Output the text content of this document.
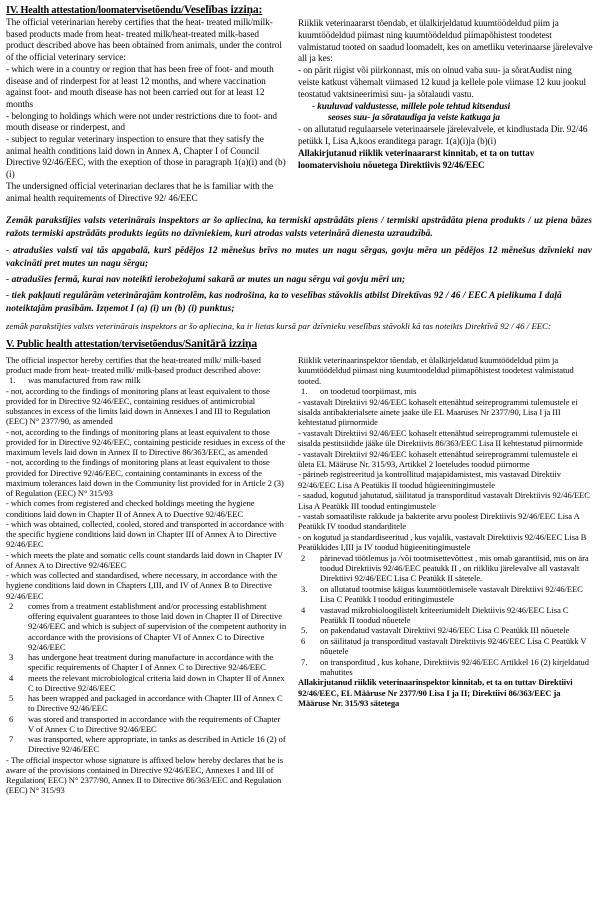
IV. Health attestation/loomatervisetõendu/Veselības izziņa:

The official veterinarian hereby certifies that the heat- treated milk/milk-based products made from heat- treated milk/heat-treated milk-based product described above has been obtained from animals, under the control of the official veterinary service:

- which were in a country or region that has been free of foot- and mouth disease and of rinderpest for at least 12 months, and where vaccination against foot- and mouth disease has not been carried out for at least 12 months

- belonging to holdings which were not under restrictions due to foot- and mouth disease or rinderpest, and

- subject to regular veterinary inspection to ensure that they satisfy the animal health conditions laid down in Annex A, Chapter I of Council Directive 92/46/EEC, with the exeption of those in paragraph 1(a)(i) and (b) (i)

The undersigned official veterinarian declares that he is familiar with the animal health requirements of Directive 92/ 46/EEC

Riiklik veterinaararst tõendab, et ülalkirjeldatud kuumtöödeldud piim ja kuumtöödeldud piimast ning kuumtöödeldud piimapõhistest toodetest valmistatud tooted on saadud loomadelt, kes on ametliku veterinaarse järelevalve all ja kes:

- on pärit riigist või piirkonnast, mis on olnud vaba suu- ja sõratAudist ning veiste katkust vähemalt viimased 12 kuud ja kellele pole viimase 12 kuu jookul teostatud vaktsineerimisi suu- ja sõtalaudi vastu.

- kuuluvad valdustesse, millele pole tehtud kitsendusi

seoses suu- ja sõrataudiga ja veiste katkuga ja

- on allutatud regulaarsele veterinaarsele järelevalvele, et kindlustada Dir. 92/46 petükk I, Lisa A,koos eranditega paragr. 1(a)(i)ja (b)(i)

Allakirjutanud riiklik veterinaararst kinnitab, et ta on tuttav loomatervishoiu nõuetega Direktiivis 92/46/EEC

Zemāk parakstījies valsts veterinārais inspektors ar šo apliecina, ka termiski apstrādāts piens / termiski apstrādāta piena produkts / uz piena bāzes ražots termiski apstrādāts produkts iegūts no dzīvniekiem, kuri atrodas valsts veterinārā dienesta uzraudzībā.

- atradušies valstī vai tās apgabalā, kurš pēdējos 12 mēnešus brīvs no mutes un nagu sērgas, govju mēra un pēdējos 12 mēnešus dzīvnieki nav vakcināti pret mutes un nagu sērgu;

- atradušies fermā, kurai nav noteikti ierobežojumi sakarā ar mutes un nagu sērgu vai govju mēri un;

- tiek pakļauti regulārām veterinārajām kontrolēm, kas nodrošina, ka to veselības stāvoklis atbilst Direktīvas 92 / 46 / EEC A pielikuma I daļā noteiktajām prasībām. Izņemot I (a) (i) un (b) (i) punktus;

zemāk parakstījies valsts veterinārais inspektors ar šo apliecina, ka ir lietas kursā par dzīvnieku veselības stāvokli kā tas noteikts Direktīvā 92 / 46 / EEC:

V. Public health attestation/tervisetõendus/Sanitārā izziņa

The official inspector hereby certifies that the heat-treated milk/ milk-based product made from heat- treated milk/ milk-based product described above:

1.	was manufactured from raw milk

- not, according to the findings of monitoring plans at least equivalent to those provided for in Directive 92/46/EEC, containing residues of antimicrobial substances in excess of the limits laid down in Annexes I and III to Regulation (EEC) N° 2377/90, as amended

- not, according to the findings of monitoring plans at least equivalent to those provided for in Directive 92/46/EEC, containing pesticide residues in excess of the maximum levels laid down in Annex II to Directive 86/363/EEC, as amended

- not, according to the findings of monitoring plans at least equivalent to those provided for Directive 92/46/EEC, containing contaminants in excess of the maximum tolerances laid down in the Community list provided for in Article 2 (3) of Regulation (EEC) N° 315/93

- which comes from registered and checked holdings meeting the hygiene conditions laid down in Chapter II of Annex A to Duective 92/46/EEC

- which was obtained, collected, cooled, stored and transported in accordance with the specific hygiene conditions laid down in Chapter III of Annex A to Directive 92/46/EEC

- which meets the plate and somatic cells count standards laid down in Chapter IV of Annex A to Directive 92/46/EEC

- which was collected and standardised, where necessary, in accordance with the hygiene conditions laid down in Chapters I,III, and IV of Annex B to Directive 92/46/EEC

2	comes from a treatment establishment and/or processing establishment offering equivalent guarantees to those laid down in Chapter II of Directive 92/46/EEC and which is subject of supervision of the competent authority in accordance with the provisions of Chapter VI of Annex C to Directive 92/46/EEC
3	has undergone heat treatment during manufacture in accordance with the specific requirements of Chapter I of Annex C to Directive 92/46/EEC
4	meets the relevant microbiological criteria laid down in Chapter II of Annex C to Directive 92/46/EEC
5	has been wrapped and packaged in accordance with Chapter III of Annex C to Directive 92/46/EEC
6	was stored and transported in accordance with the requirements of Chapter V of Annex C to Directive 92/46/EEC
7	was transported, where appropriate, in tanks as described in Article 16 (2) of Directive 92/46/EEC

- The official inspector whose signature is affixed below hereby declares that he is aware of the provisions contained in Directive 92/46/EEC, Annexes I and III of Regulation( EEC) N° 2377/90, Annex II to Directive 86/363/EEC and Regulation (EEC) N° 315/93

Riiklik veterinaarinspektor tõendab, et ülalkirjeldatud kuumtöödeldud piim ja kuumtöödeldud piimast ning kuumtoodeldud piimapõhistest toodetest valmistatud tooted.

1.	on toodetud toorpiimast, mis

- vastavalt Direktiivi 92/46/EEC kohaselt ettenähtud seireprogrammi tulemustele ei sisalda antibakterialsete ainete jaake üle EL Maaruses Nr 2377/90, Lisa I ja III kehtestatud piirnormide

- vastavalt Direktiivi 92/46/EEC kohaselt ettenähtud seireprogrammi tulemustele ei sisalda pestitsiidide jääke üle Direktiivis 86/363/EEC Lisa II kehtestatud piirnormide

- vastavalt Direktiivi 92/46/EEC kohaselt ettenähtud seireprogrammi tulemustele ei ületa EL Määruse Nr. 315/93, Artikkel 2 loeteludes toodud piirnorme

- pärineb registreeritud ja kontrollitud majapidamistest, mis vastavad Direktiiv 92/46/EEC Lisa A Peatükis II toodud hügieenitingimustele

- saadud, kogutud jahutatud, säilitatud ja transporditud vastavalt Direktiivis 92/46/EEC Lisa A Peatükk III toodud entingimustele

- vastab somaatiliste rakkude ja bakterite arvu poolest Direktiivis 92/46/EEC Lisa A Peatükk IV toodud standarditele

- on kogutud ja standardiseeritud , kus vajalik, vastavalt Direktiivis 92/46/EEC Lisa B Peatükkides I,III ja IV toodud hügieenitingimustele

2	pärinevad töötlemus ja /või tootmisettevõttest , mis omab garantiisid, mis on ära toodud Direktiivis 92/46/EEC peatukk II , on riikliku järelevalve all vastavalt Direktiivi 92/46/EEC Lisa C Peatükk II sätetele.
3.	on allutatud tootmise käigus kuumtöötlemisele vastavalt Direktiivi 92/46/EEC Lisa C Peatükk I toodud eritingimustele
4	vastavad mikrobioloogilistelt kriteeriumidelt Diektiivis 92/46/EEC Lisa C Peatükk II toodud nõuetele
5.	on pakendatud vastavalt Direktiivi 92/46/EEC Lisa C Peatükk III nõuetele
6	on säilitatud ja transporditud vastavalt Direktiivis 92/46/EEC Lisa C Peatükk V nõuetele
7.	on transporditud , kus kohane, Direktiivis 92/46/EEC Artikkel 16 (2) kirjeldatud mahutites

Allakirjutanud riiklik veterinaarinspektor kinnitab, et ta on tuttav Direktiivi 92/46/EEC, EL Määruse Nr 2377/90 Lisa I ja II; Direktiivi 86/363/EEC ja Määruse Nr. 315/93 sätetega
